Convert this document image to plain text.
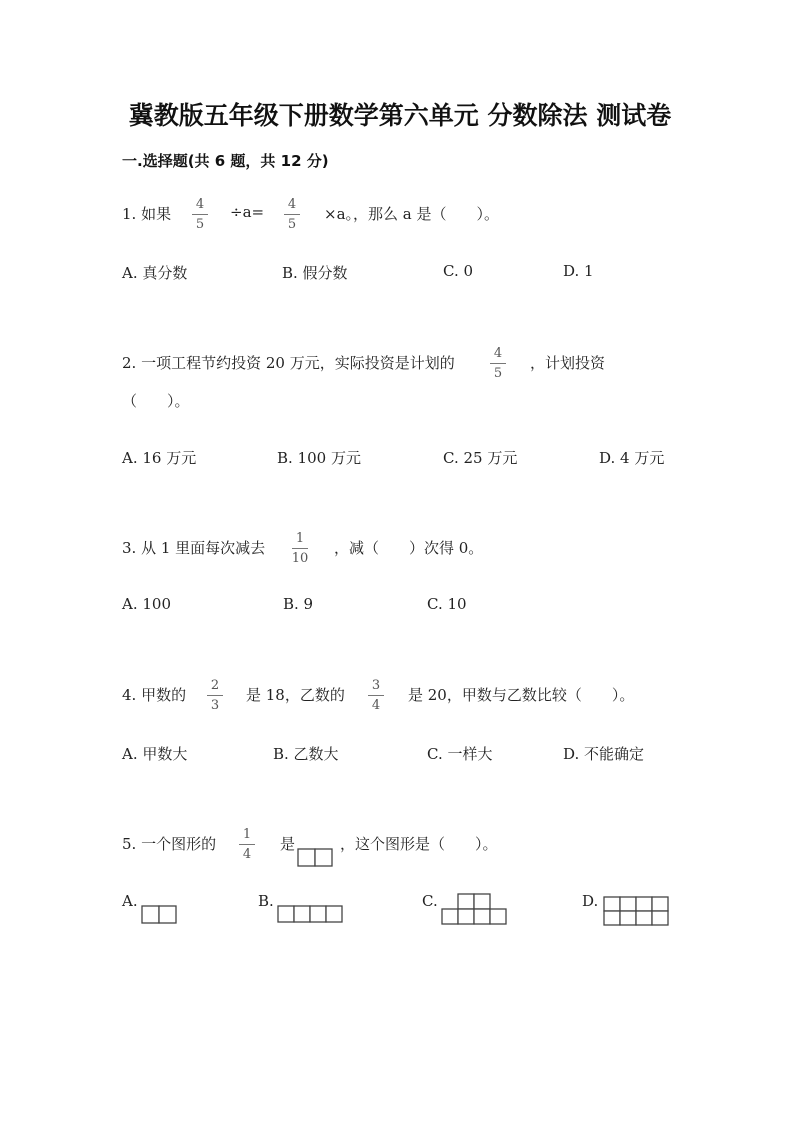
冀教版五年级下册数学第六单元 分数除法 测试卷
一.选择题(共 6 题，共 12 分)
1. 如果
4
5
÷a=	4
5
×a。，那么 a 是（　　）。
A. 真分数	B. 假分数	C. 0	D. 1
2. 一项工程节约投资 20 万元，实际投资是计划的
4
5
，计划投资
（　　）。
A. 16 万元	B. 100 万元	C. 25 万元	D. 4 万元
3. 从 1 里面每次减去
1
10
，减（　　）次得 0。
A. 100	B. 9	C. 10
4. 甲数的
2
3
是 18，乙数的
3
4
是 20，甲数与乙数比较（　　）。
A. 甲数大	B. 乙数大	C. 一样大	D. 不能确定
5. 一个图形的
1
4
是	，这个图形是（　　）。
A.	B.	C.	D.
